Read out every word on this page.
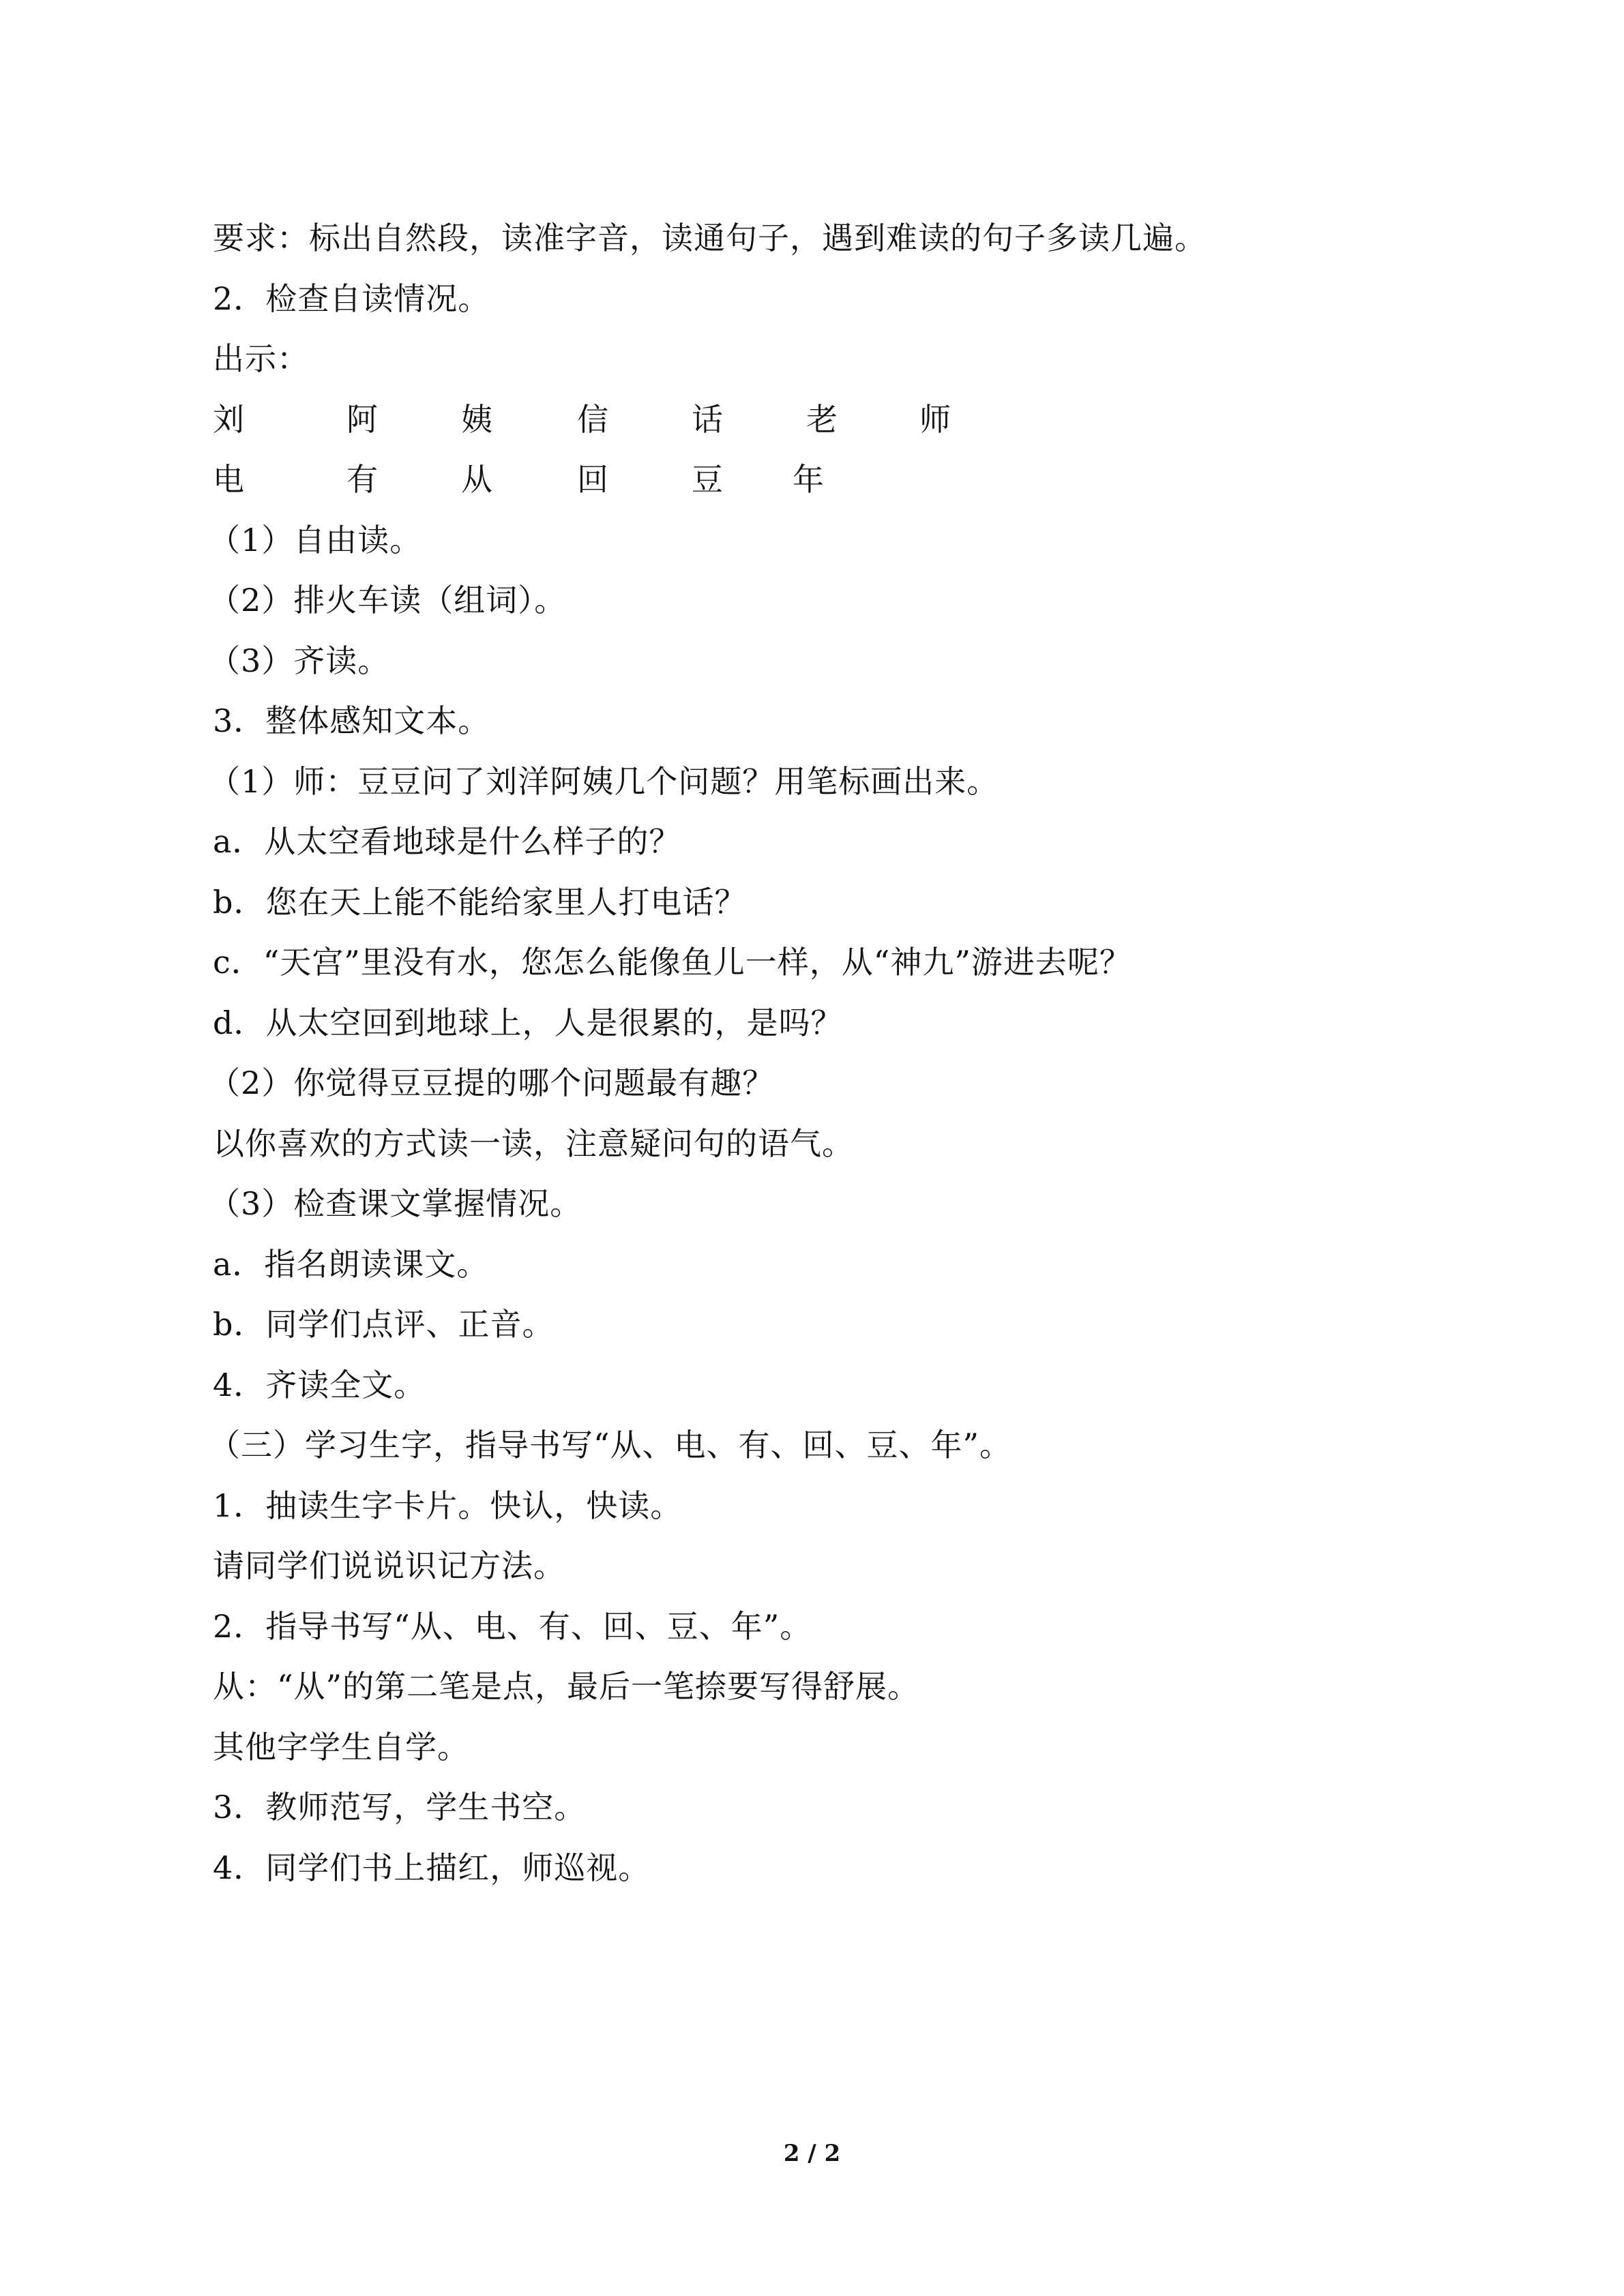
要求：标出自然段，读准字音，读通句子，遇到难读的句子多读几遍。
2．检查自读情况。
出示：
刘	阿	姨	信	话	老	师
电	有	从	回	豆 年
（1）自由读。
（2）排火车读（组词）。
（3）齐读。
3．整体感知文本。
（1）师：豆豆问了刘洋阿姨几个问题？用笔标画出来。
a．从太空看地球是什么样子的？
b．您在天上能不能给家里人打电话？
c．“天宫”里没有水，您怎么能像鱼儿一样，从“神九”游进去呢？
d．从太空回到地球上，人是很累的，是吗？
（2）你觉得豆豆提的哪个问题最有趣？
以你喜欢的方式读一读，注意疑问句的语气。
（3）检查课文掌握情况。
a．指名朗读课文。
b．同学们点评、正音。
4．齐读全文。
（三）学习生字，指导书写“从、电、有、回、豆、年”。
1．抽读生字卡片。快认，快读。
请同学们说说识记方法。
2．指导书写“从、电、有、回、豆、年”。
从：“从”的第二笔是点，最后一笔捺要写得舒展。
其他字学生自学。
3．教师范写，学生书空。
4．同学们书上描红，师巡视。
2 / 2
